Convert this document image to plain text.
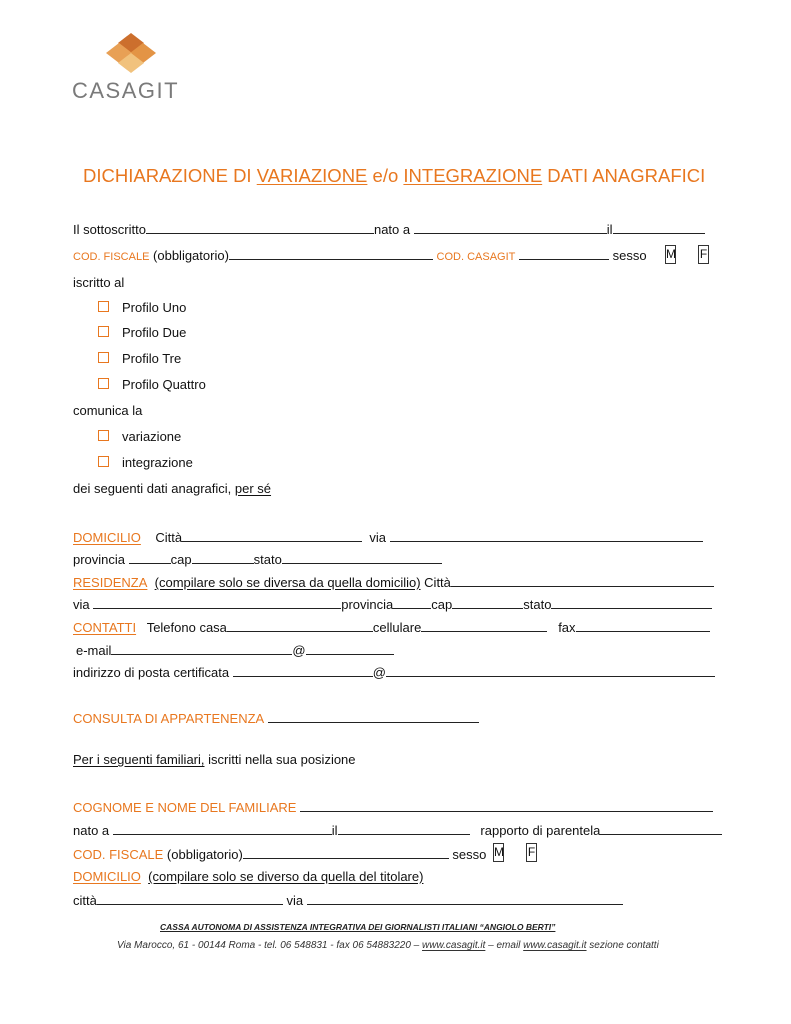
CASAGIT
DICHIARAZIONE DI VARIAZIONE e/o INTEGRAZIONE DATI ANAGRAFICI
Il sottoscritto	nato a	il
COD. FISCALE (obbligatorio)	COD. CASAGIT	sesso M F
iscritto al
Profilo Uno
Profilo Due
Profilo Tre
Profilo Quattro
comunica la
variazione
integrazione
dei seguenti dati anagrafici, per sé
DOMICILIO Città	via
provincia	cap	stato
RESIDENZA (compilare solo se diversa da quella domicilio) Città
via	provincia	cap	stato
CONTATTI Telefono casa	cellulare	fax
e-mail	@
indirizzo di posta certificata	@
CONSULTA DI APPARTENENZA
Per i seguenti familiari, iscritti nella sua posizione
COGNOME E NOME DEL FAMILIARE
nato a	il	rapporto di parentela
COD. FISCALE (obbligatorio)	sesso M F
DOMICILIO (compilare solo se diverso da quella del titolare)
città	via
CASSA AUTONOMA DI ASSISTENZA INTEGRATIVA DEI GIORNALISTI ITALIANI “ANGIOLO BERTI”
Via Marocco, 61 - 00144 Roma - tel. 06 548831 - fax 06 54883220 – www.casagit.it – email www.casagit.it sezione contatti
